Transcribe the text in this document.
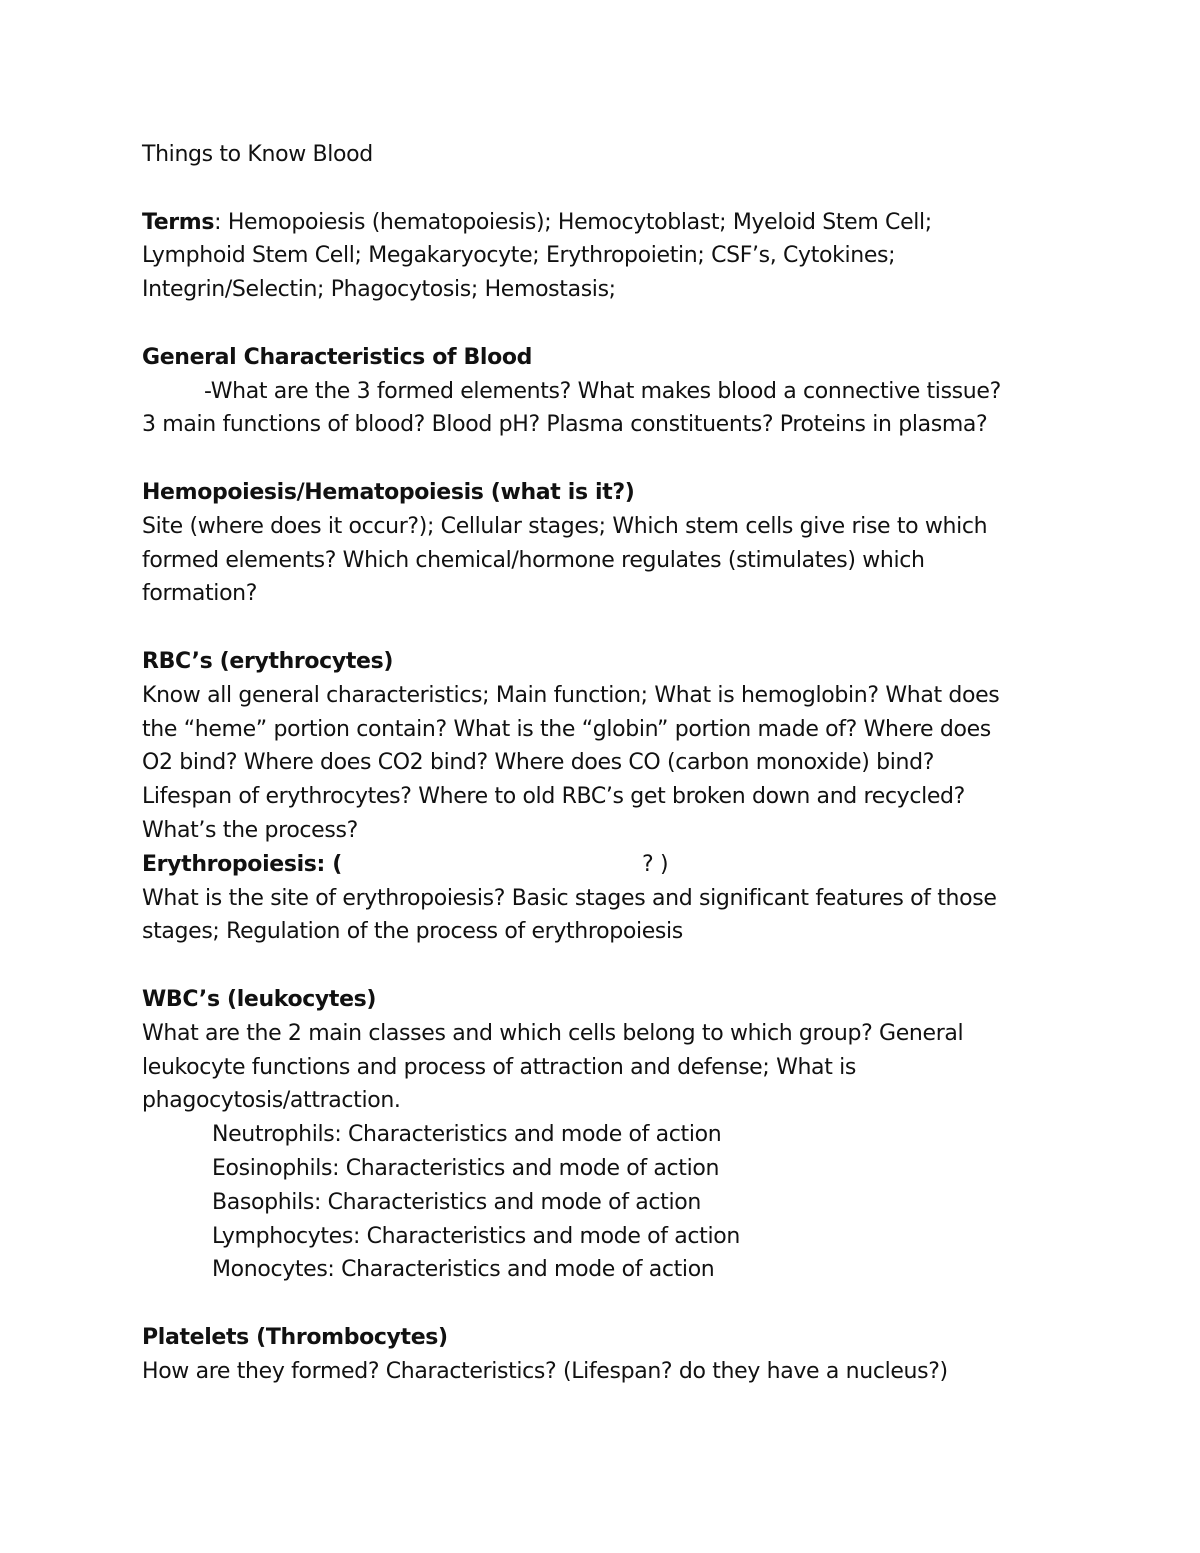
Things to Know Blood

Terms: Hemopoiesis (hematopoiesis); Hemocytoblast; Myeloid Stem Cell;

Lymphoid Stem Cell; Megakaryocyte; Erythropoietin; CSF’s, Cytokines;

Integrin/Selectin; Phagocytosis; Hemostasis;

General Characteristics of Blood

-What are the 3 formed elements? What makes blood a connective tissue?

3 main functions of blood? Blood pH? Plasma constituents? Proteins in plasma?

Hemopoiesis/Hematopoiesis (what is it?)

Site (where does it occur?); Cellular stages; Which stem cells give rise to which

formed elements? Which chemical/hormone regulates (stimulates) which

formation?

RBC’s (erythrocytes)

Know all general characteristics; Main function; What is hemoglobin? What does

the “heme” portion contain? What is the “globin” portion made of? Where does

O2 bind? Where does CO2 bind? Where does CO (carbon monoxide) bind?

Lifespan of erythrocytes? Where to old RBC’s get broken down and recycled?

What’s the process?

Erythropoiesis: (	? )

What is the site of erythropoiesis? Basic stages and significant features of those

stages; Regulation of the process of erythropoiesis

WBC’s (leukocytes)

What are the 2 main classes and which cells belong to which group? General

leukocyte functions and process of attraction and defense; What is

phagocytosis/attraction.

Neutrophils: Characteristics and mode of action

Eosinophils: Characteristics and mode of action

Basophils: Characteristics and mode of action

Lymphocytes: Characteristics and mode of action

Monocytes: Characteristics and mode of action

Platelets (Thrombocytes)

How are they formed? Characteristics? (Lifespan? do they have a nucleus?)
